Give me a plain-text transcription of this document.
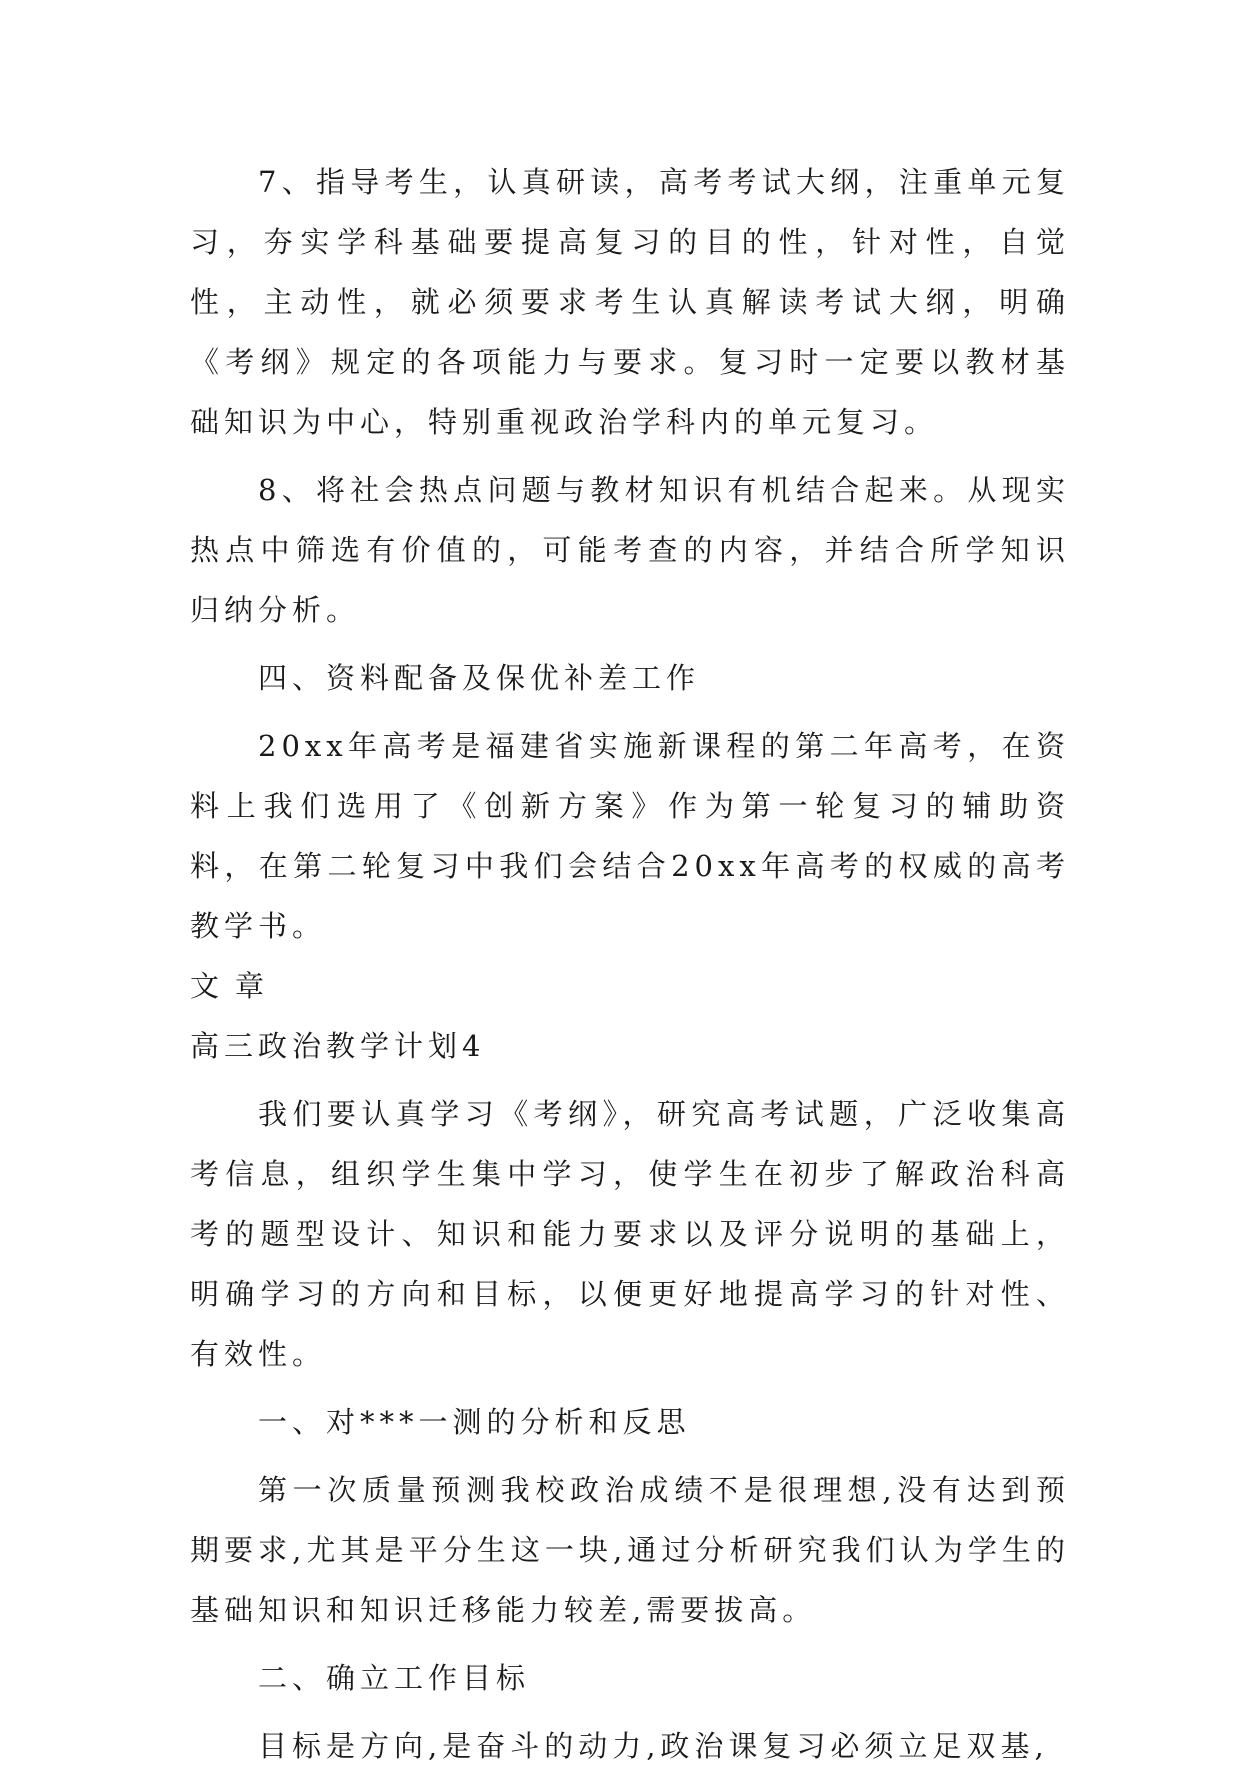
7、指导考生，认真研读，高考考试大纲，注重单元复习，夯实学科基础要提高复习的目的性，针对性，自觉性，主动性，就必须要求考生认真解读考试大纲，明确《考纲》规定的各项能力与要求。复习时一定要以教材基础知识为中心，特别重视政治学科内的单元复习。

8、将社会热点问题与教材知识有机结合起来。从现实热点中筛选有价值的，可能考查的内容，并结合所学知识归纳分析。

四、资料配备及保优补差工作

20xx年高考是福建省实施新课程的第二年高考，在资料上我们选用了《创新方案》作为第一轮复习的辅助资料，在第二轮复习中我们会结合20xx年高考的权威的高考教学书。

文章

高三政治教学计划4

我们要认真学习《考纲》，研究高考试题，广泛收集高考信息，组织学生集中学习，使学生在初步了解政治科高考的题型设计、知识和能力要求以及评分说明的基础上，明确学习的方向和目标，以便更好地提高学习的针对性、有效性。

一、对***一测的分析和反思

第一次质量预测我校政治成绩不是很理想,没有达到预期要求,尤其是平分生这一块,通过分析研究我们认为学生的基础知识和知识迁移能力较差,需要拔高。

二、确立工作目标

目标是方向,是奋斗的动力,政治课复习必须立足双基,
